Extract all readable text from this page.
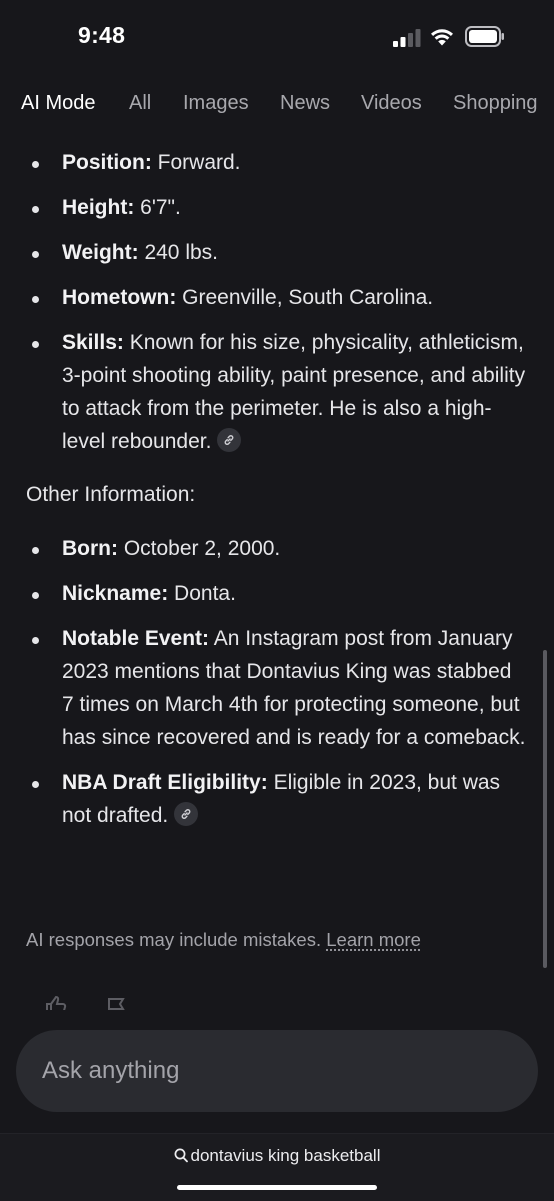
9:48
AI Mode All Images News Videos Shopping
Position: Forward.
Height: 6'7".
Weight: 240 lbs.
Hometown: Greenville, South Carolina.
Skills: Known for his size, physicality, athleticism, 3-point shooting ability, paint presence, and ability to attack from the perimeter. He is also a high-level rebounder.
Other Information:
Born: October 2, 2000.
Nickname: Donta.
Notable Event: An Instagram post from January 2023 mentions that Dontavius King was stabbed 7 times on March 4th for protecting someone, but has since recovered and is ready for a comeback.
NBA Draft Eligibility: Eligible in 2023, but was not drafted.
AI responses may include mistakes. Learn more
Ask anything
dontavius king basketball
